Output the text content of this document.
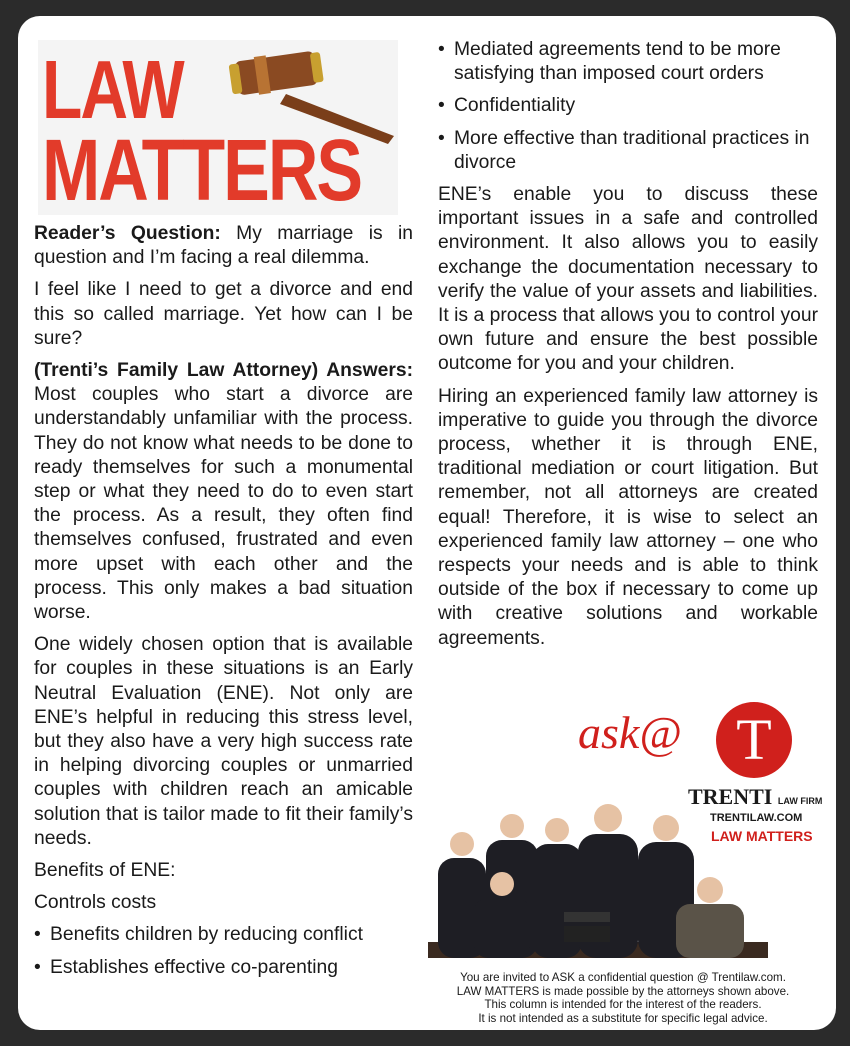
LAW
MATTERS

Reader’s Question: My marriage is in question and I’m facing a real dilemma.

I feel like I need to get a divorce and end this so called marriage. Yet how can I be sure?

(Trenti’s Family Law Attorney) Answers: Most couples who start a divorce are understandably unfamiliar with the process. They do not know what needs to be done to ready themselves for such a monumental step or what they need to do to even start the process. As a result, they often find themselves confused, frustrated and even more upset with each other and the process. This only makes a bad situation worse.

One widely chosen option that is available for couples in these situations is an Early Neutral Evaluation (ENE). Not only are ENE’s helpful in reducing this stress level, but they also have a very high success rate in helping divorcing couples or unmarried couples with children reach an amicable solution that is tailor made to fit their family’s needs.

Benefits of ENE:

Controls costs

• Benefits children by reducing conflict
• Establishes effective co-parenting
• Mediated agreements tend to be more satisfying than imposed court orders
• Confidentiality
• More effective than traditional practices in divorce

ENE’s enable you to discuss these important issues in a safe and controlled environment. It also allows you to easily exchange the documentation necessary to verify the value of your assets and liabilities. It is a process that allows you to control your own future and ensure the best possible outcome for you and your children.

Hiring an experienced family law attorney is imperative to guide you through the divorce process, whether it is through ENE, traditional mediation or court litigation. But remember, not all attorneys are created equal! Therefore, it is wise to select an experienced family law attorney – one who respects your needs and is able to think outside of the box if necessary to come up with creative solutions and workable agreements.

ask@ T
TRENTI LAW FIRM
TRENTILAW.COM
LAW MATTERS
You are invited to ASK a confidential question @ Trentilaw.com.
LAW MATTERS is made possible by the attorneys shown above.
This column is intended for the interest of the readers.
It is not intended as a substitute for specific legal advice.
